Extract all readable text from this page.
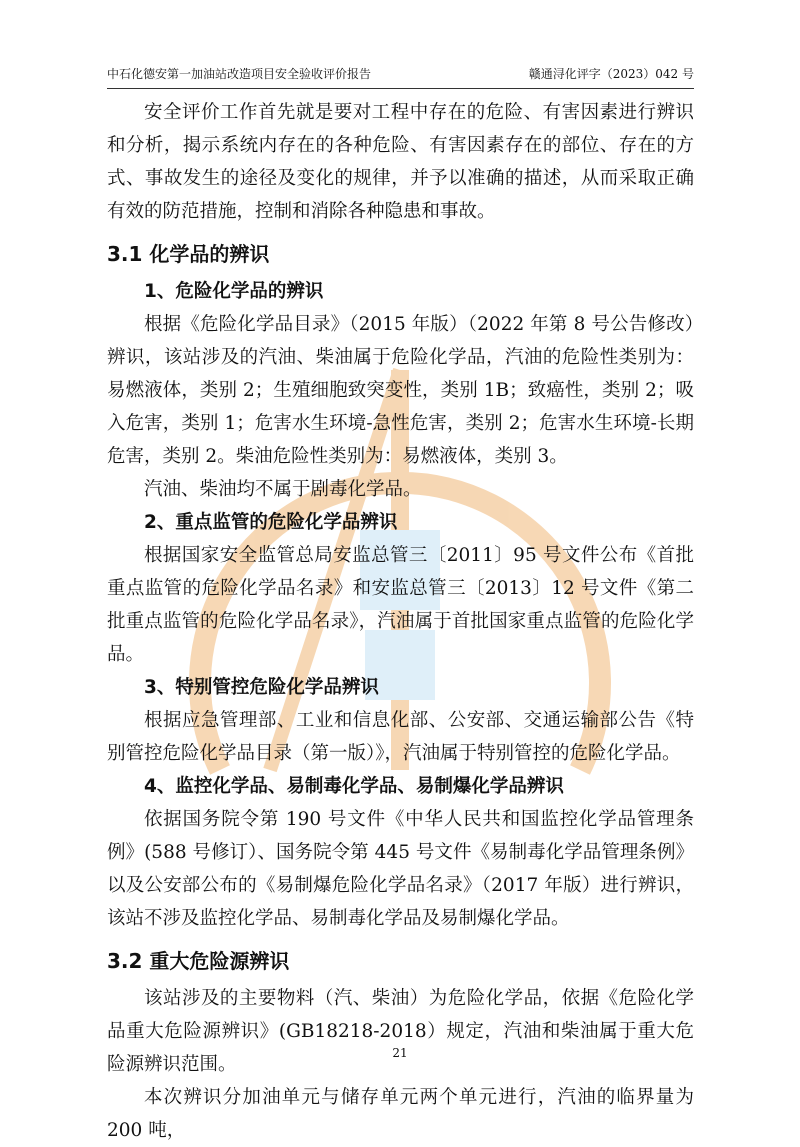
中石化德安第一加油站改造项目安全验收评价报告	赣通浔化评字（2023）042 号

安全评价工作首先就是要对工程中存在的危险、有害因素进行辨识和分析，揭示系统内存在的各种危险、有害因素存在的部位、存在的方式、事故发生的途径及变化的规律，并予以准确的描述，从而采取正确有效的防范措施，控制和消除各种隐患和事故。

3.1 化学品的辨识
1、危险化学品的辨识

根据《危险化学品目录》（2015 年版）（2022 年第 8 号公告修改）辨识，该站涉及的汽油、柴油属于危险化学品，汽油的危险性类别为：易燃液体，类别 2；生殖细胞致突变性，类别 1B；致癌性，类别 2；吸入危害，类别 1；危害水生环境-急性危害，类别 2；危害水生环境-长期危害，类别 2。柴油危险性类别为：易燃液体，类别 3。

汽油、柴油均不属于剧毒化学品。

2、重点监管的危险化学品辨识

根据国家安全监管总局安监总管三〔2011〕95 号文件公布《首批重点监管的危险化学品名录》和安监总管三〔2013〕12 号文件《第二批重点监管的危险化学品名录》，汽油属于首批国家重点监管的危险化学品。

3、特别管控危险化学品辨识

根据应急管理部、工业和信息化部、公安部、交通运输部公告《特别管控危险化学品目录（第一版）》，汽油属于特别管控的危险化学品。

4、监控化学品、易制毒化学品、易制爆化学品辨识

依据国务院令第 190 号文件《中华人民共和国监控化学品管理条例》(588 号修订）、国务院令第 445 号文件《易制毒化学品管理条例》以及公安部公布的《易制爆危险化学品名录》（2017 年版）进行辨识，该站不涉及监控化学品、易制毒化学品及易制爆化学品。

3.2 重大危险源辨识

该站涉及的主要物料（汽、柴油）为危险化学品，依据《危险化学品重大危险源辨识》(GB18218-2018）规定，汽油和柴油属于重大危险源辨识范围。

本次辨识分加油单元与储存单元两个单元进行，汽油的临界量为 200 吨，

21
